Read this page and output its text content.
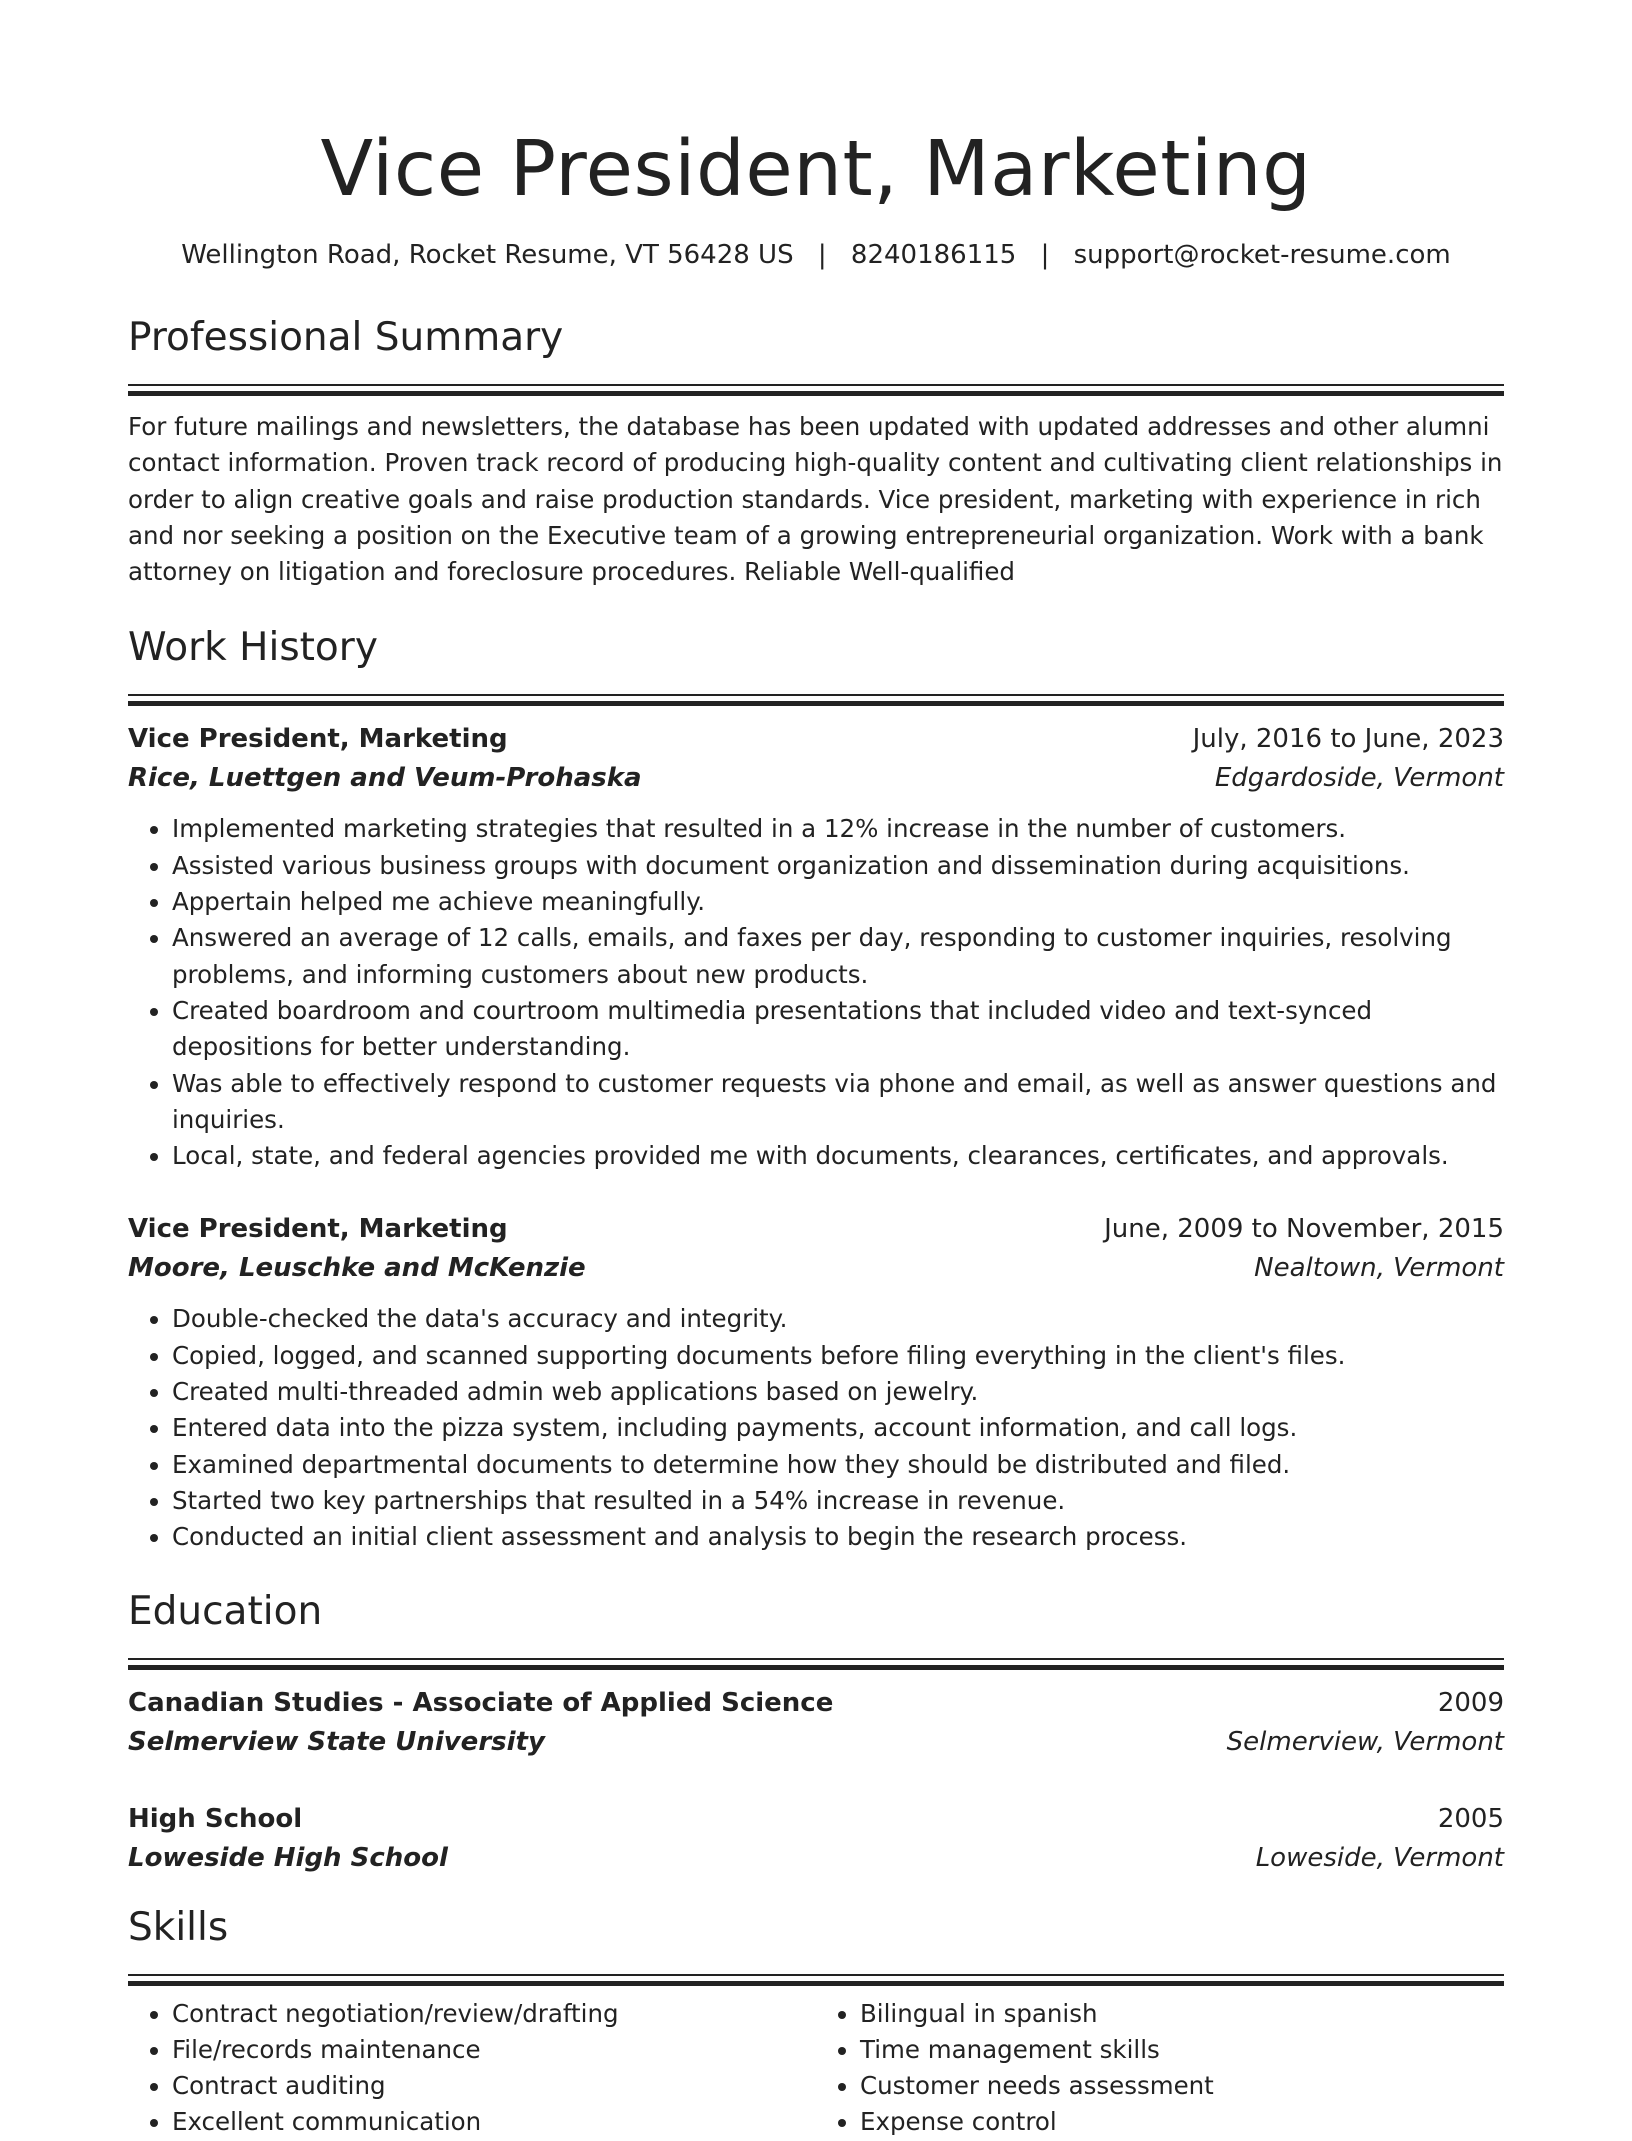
Vice President, Marketing
Wellington Road, Rocket Resume, VT 56428 US | 8240186115 | support@rocket-resume.com
Professional Summary
For future mailings and newsletters, the database has been updated with updated addresses and other alumni contact information. Proven track record of producing high-quality content and cultivating client relationships in order to align creative goals and raise production standards. Vice president, marketing with experience in rich and nor seeking a position on the Executive team of a growing entrepreneurial organization. Work with a bank attorney on litigation and foreclosure procedures. Reliable Well-qualified
Work History
Vice President, Marketing	July, 2016 to June, 2023
Rice, Luettgen and Veum-Prohaska	Edgardoside, Vermont
• Implemented marketing strategies that resulted in a 12% increase in the number of customers.
• Assisted various business groups with document organization and dissemination during acquisitions.
• Appertain helped me achieve meaningfully.
• Answered an average of 12 calls, emails, and faxes per day, responding to customer inquiries, resolving problems, and informing customers about new products.
• Created boardroom and courtroom multimedia presentations that included video and text-synced depositions for better understanding.
• Was able to effectively respond to customer requests via phone and email, as well as answer questions and inquiries.
• Local, state, and federal agencies provided me with documents, clearances, certificates, and approvals.
Vice President, Marketing	June, 2009 to November, 2015
Moore, Leuschke and McKenzie	Nealtown, Vermont
• Double-checked the data's accuracy and integrity.
• Copied, logged, and scanned supporting documents before filing everything in the client's files.
• Created multi-threaded admin web applications based on jewelry.
• Entered data into the pizza system, including payments, account information, and call logs.
• Examined departmental documents to determine how they should be distributed and filed.
• Started two key partnerships that resulted in a 54% increase in revenue.
• Conducted an initial client assessment and analysis to begin the research process.
Education
Canadian Studies - Associate of Applied Science	2009
Selmerview State University	Selmerview, Vermont
High School	2005
Loweside High School	Loweside, Vermont
Skills
• Contract negotiation/review/drafting
• File/records maintenance
• Contract auditing
• Excellent communication
• Bilingual in spanish
• Time management skills
• Customer needs assessment
• Expense control
